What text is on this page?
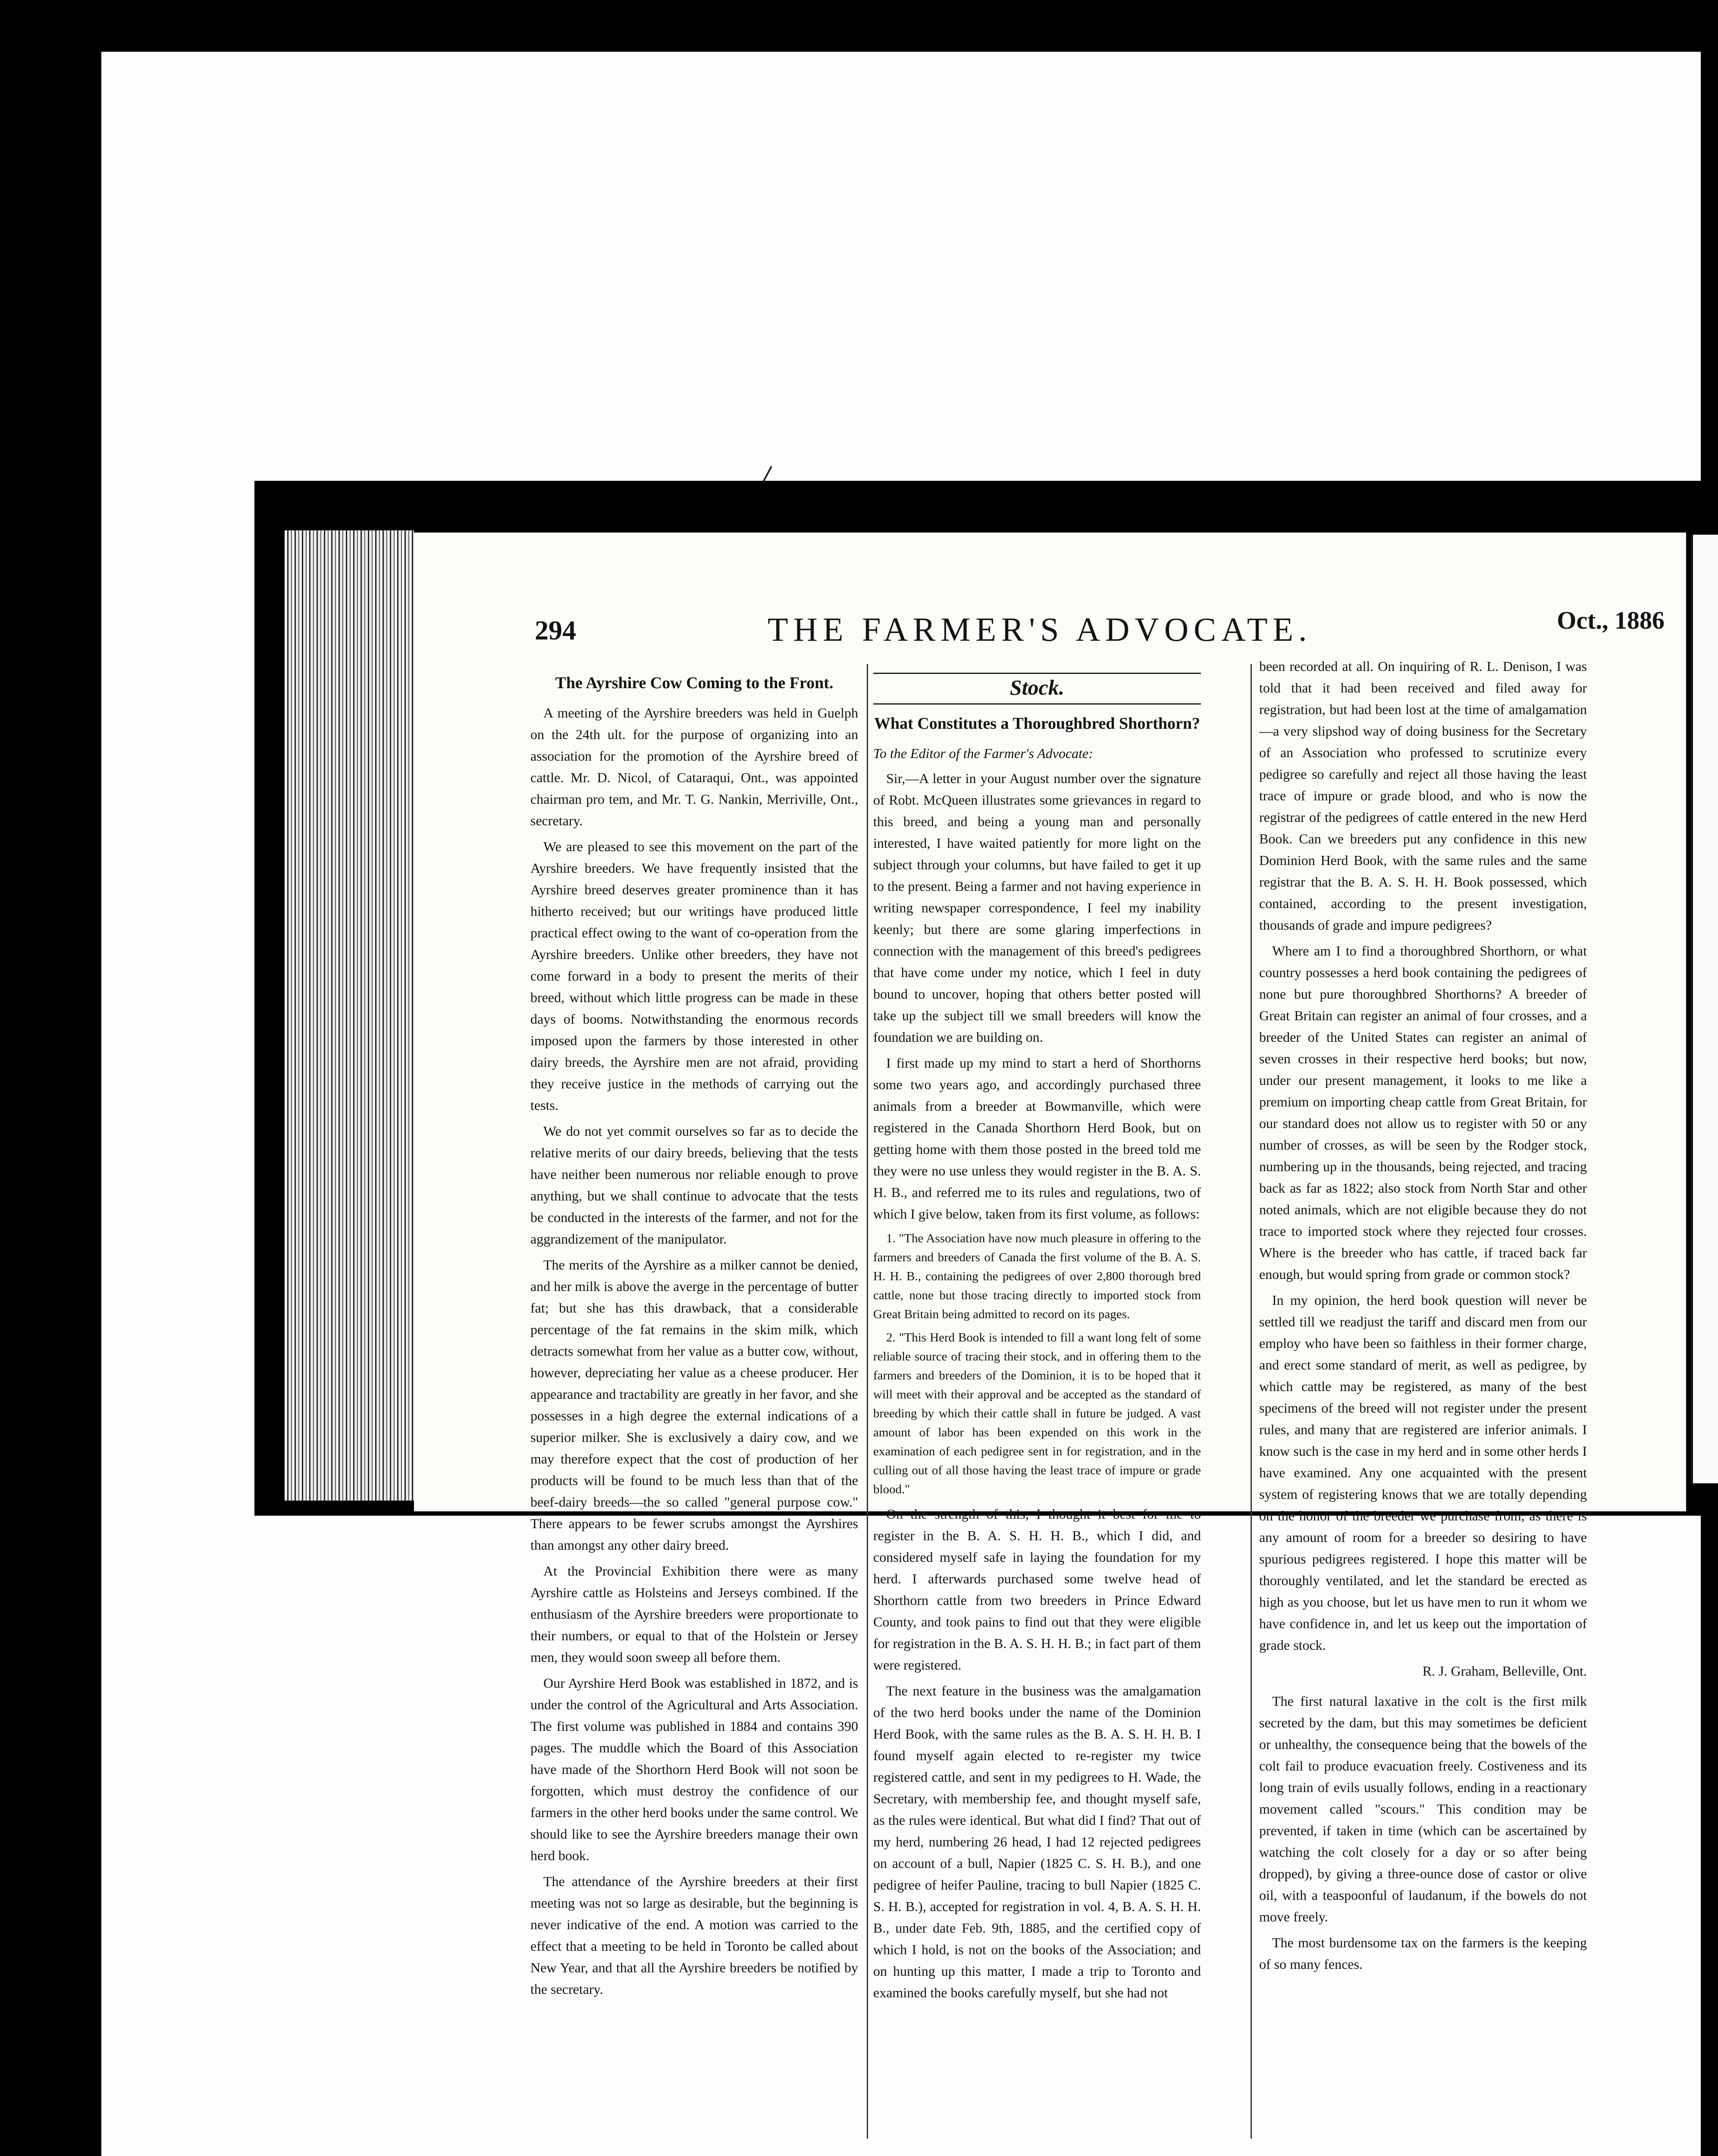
294	THE FARMER'S ADVOCATE.	Oct., 1886
The Ayrshire Cow Coming to the Front.

A meeting of the Ayrshire breeders was held in Guelph on the 24th ult. for the purpose of organizing into an association for the promotion of the Ayrshire breed of cattle. Mr. D. Nicol, of Cataraqui, Ont., was appointed chairman pro tem, and Mr. T. G. Nankin, Merriville, Ont., secretary.

We are pleased to see this movement on the part of the Ayrshire breeders. We have frequently insisted that the Ayrshire breed deserves greater prominence than it has hitherto received; but our writings have produced little practical effect owing to the want of co-operation from the Ayrshire breeders. Unlike other breeders, they have not come forward in a body to present the merits of their breed, without which little progress can be made in these days of booms. Notwithstanding the enormous records imposed upon the farmers by those interested in other dairy breeds, the Ayrshire men are not afraid, providing they receive justice in the methods of carrying out the tests.

We do not yet commit ourselves so far as to decide the relative merits of our dairy breeds, believing that the tests have neither been numerous nor reliable enough to prove anything, but we shall continue to advocate that the tests be conducted in the interests of the farmer, and not for the aggrandizement of the manipulator.

The merits of the Ayrshire as a milker cannot be denied, and her milk is above the averge in the percentage of butter fat; but she has this drawback, that a considerable percentage of the fat remains in the skim milk, which detracts somewhat from her value as a butter cow, without, however, depreciating her value as a cheese producer. Her appearance and tractability are greatly in her favor, and she possesses in a high degree the external indications of a superior milker. She is exclusively a dairy cow, and we may therefore expect that the cost of production of her products will be found to be much less than that of the beef-dairy breeds—the so called "general purpose cow." There appears to be fewer scrubs amongst the Ayrshires than amongst any other dairy breed.

At the Provincial Exhibition there were as many Ayrshire cattle as Holsteins and Jerseys combined. If the enthusiasm of the Ayrshire breeders were proportionate to their numbers, or equal to that of the Holstein or Jersey men, they would soon sweep all before them.

Our Ayrshire Herd Book was established in 1872, and is under the control of the Agricultural and Arts Association. The first volume was published in 1884 and contains 390 pages. The muddle which the Board of this Association have made of the Shorthorn Herd Book will not soon be forgotten, which must destroy the confidence of our farmers in the other herd books under the same control. We should like to see the Ayrshire breeders manage their own herd book.

The attendance of the Ayrshire breeders at their first meeting was not so large as desirable, but the beginning is never indicative of the end. A motion was carried to the effect that a meeting to be held in Toronto be called about New Year, and that all the Ayrshire breeders be notified by the secretary.

Stock.
What Constitutes a Thoroughbred Shorthorn?
To the Editor of the Farmer's Advocate:

Sir,—A letter in your August number over the signature of Robt. McQueen illustrates some grievances in regard to this breed, and being a young man and personally interested, I have waited patiently for more light on the subject through your columns, but have failed to get it up to the present. Being a farmer and not having experience in writing newspaper correspondence, I feel my inability keenly; but there are some glaring imperfections in connection with the management of this breed's pedigrees that have come under my notice, which I feel in duty bound to uncover, hoping that others better posted will take up the subject till we small breeders will know the foundation we are building on.

I first made up my mind to start a herd of Shorthorns some two years ago, and accordingly purchased three animals from a breeder at Bowmanville, which were registered in the Canada Shorthorn Herd Book, but on getting home with them those posted in the breed told me they were no use unless they would register in the B. A. S. H. B., and referred me to its rules and regulations, two of which I give below, taken from its first volume, as follows:

1. "The Association have now much pleasure in offering to the farmers and breeders of Canada the first volume of the B. A. S. H. H. B., containing the pedigrees of over 2,800 thorough bred cattle, none but those tracing directly to imported stock from Great Britain being admitted to record on its pages.

2. "This Herd Book is intended to fill a want long felt of some reliable source of tracing their stock, and in offering them to the farmers and breeders of the Dominion, it is to be hoped that it will meet with their approval and be accepted as the standard of breeding by which their cattle shall in future be judged. A vast amount of labor has been expended on this work in the examination of each pedigree sent in for registration, and in the culling out of all those having the least trace of impure or grade blood."

On the strength of this, I thought it best for me to register in the B. A. S. H. H. B., which I did, and considered myself safe in laying the foundation for my herd. I afterwards purchased some twelve head of Shorthorn cattle from two breeders in Prince Edward County, and took pains to find out that they were eligible for registration in the B. A. S. H. H. B.; in fact part of them were registered.

The next feature in the business was the amalgamation of the two herd books under the name of the Dominion Herd Book, with the same rules as the B. A. S. H. H. B. I found myself again elected to re-register my twice registered cattle, and sent in my pedigrees to H. Wade, the Secretary, with membership fee, and thought myself safe, as the rules were identical. But what did I find? That out of my herd, numbering 26 head, I had 12 rejected pedigrees on account of a bull, Napier (1825 C. S. H. B.), and one pedigree of heifer Pauline, tracing to bull Napier (1825 C. S. H. B.), accepted for registration in vol. 4, B. A. S. H. H. B., under date Feb. 9th, 1885, and the certified copy of which I hold, is not on the books of the Association; and on hunting up this matter, I made a trip to Toronto and examined the books carefully myself, but she had not

been recorded at all. On inquiring of R. L. Denison, I was told that it had been received and filed away for registration, but had been lost at the time of amalgamation—a very slipshod way of doing business for the Secretary of an Association who professed to scrutinize every pedigree so carefully and reject all those having the least trace of impure or grade blood, and who is now the registrar of the pedigrees of cattle entered in the new Herd Book. Can we breeders put any confidence in this new Dominion Herd Book, with the same rules and the same registrar that the B. A. S. H. H. Book possessed, which contained, according to the present investigation, thousands of grade and impure pedigrees?

Where am I to find a thoroughbred Shorthorn, or what country possesses a herd book containing the pedigrees of none but pure thoroughbred Shorthorns? A breeder of Great Britain can register an animal of four crosses, and a breeder of the United States can register an animal of seven crosses in their respective herd books; but now, under our present management, it looks to me like a premium on importing cheap cattle from Great Britain, for our standard does not allow us to register with 50 or any number of crosses, as will be seen by the Rodger stock, numbering up in the thousands, being rejected, and tracing back as far as 1822; also stock from North Star and other noted animals, which are not eligible because they do not trace to imported stock where they rejected four crosses. Where is the breeder who has cattle, if traced back far enough, but would spring from grade or common stock?

In my opinion, the herd book question will never be settled till we readjust the tariff and discard men from our employ who have been so faithless in their former charge, and erect some standard of merit, as well as pedigree, by which cattle may be registered, as many of the best specimens of the breed will not register under the present rules, and many that are registered are inferior animals. I know such is the case in my herd and in some other herds I have examined. Any one acquainted with the present system of registering knows that we are totally depending on the honor of the breeder we purchase from, as there is any amount of room for a breeder so desiring to have spurious pedigrees registered. I hope this matter will be thoroughly ventilated, and let the standard be erected as high as you choose, but let us have men to run it whom we have confidence in, and let us keep out the importation of grade stock.

R. J. Graham, Belleville, Ont.

The first natural laxative in the colt is the first milk secreted by the dam, but this may sometimes be deficient or unhealthy, the consequence being that the bowels of the colt fail to produce evacuation freely. Costiveness and its long train of evils usually follows, ending in a reactionary movement called "scours." This condition may be prevented, if taken in time (which can be ascertained by watching the colt closely for a day or so after being dropped), by giving a three-ounce dose of castor or olive oil, with a teaspoonful of laudanum, if the bowels do not move freely.

The most burdensome tax on the farmers is the keeping of so many fences.
